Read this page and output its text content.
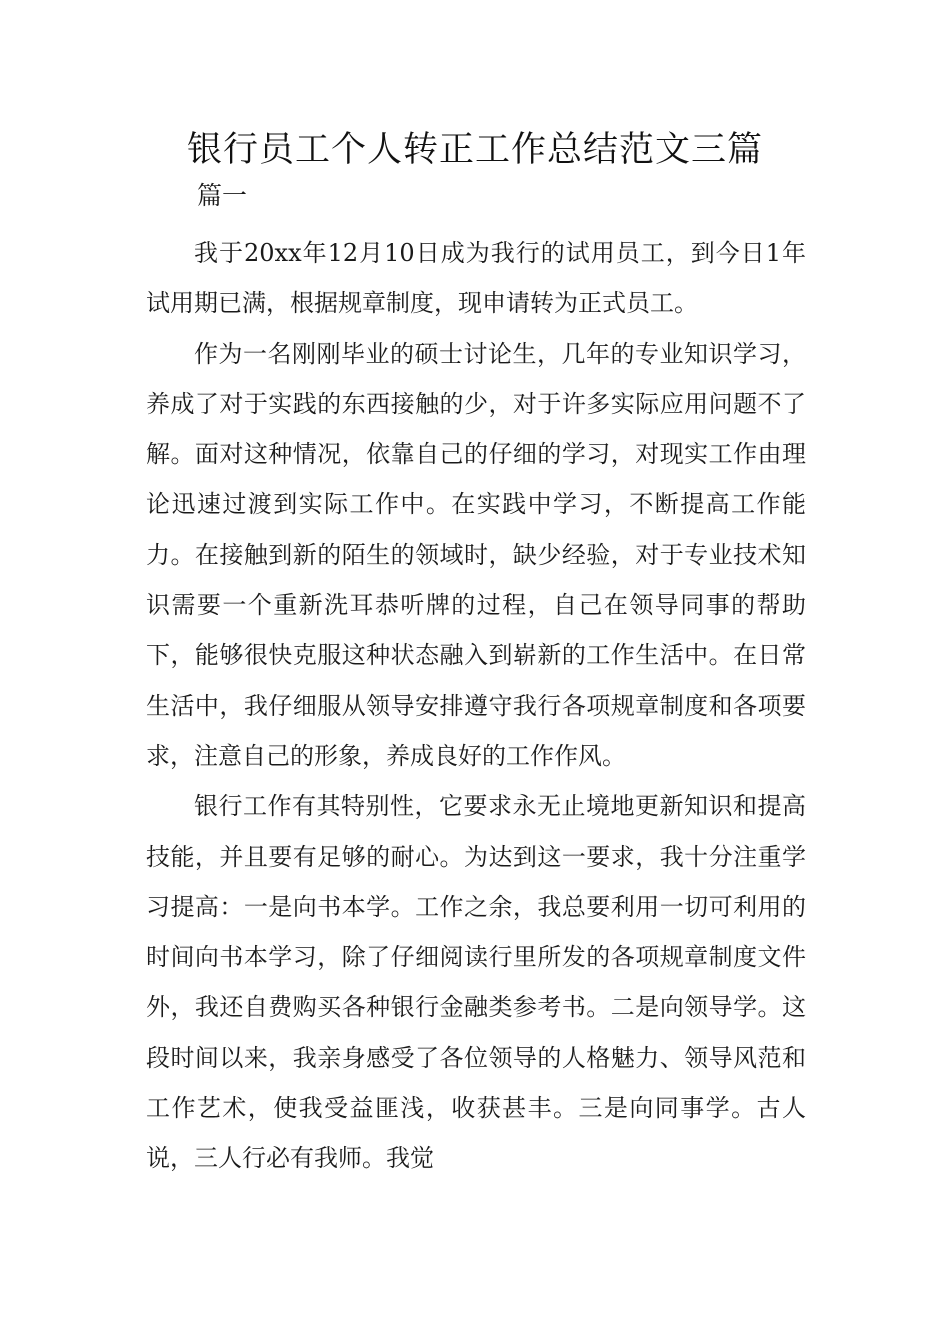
银行员工个人转正工作总结范文三篇
篇一

我于20xx年12月10日成为我行的试用员工，到今日1年试用期已满，根据规章制度，现申请转为正式员工。

作为一名刚刚毕业的硕士讨论生，几年的专业知识学习，养成了对于实践的东西接触的少，对于许多实际应用问题不了解。面对这种情况，依靠自己的仔细的学习，对现实工作由理论迅速过渡到实际工作中。在实践中学习，不断提高工作能力。在接触到新的陌生的领域时，缺少经验，对于专业技术知识需要一个重新洗耳恭听牌的过程，自己在领导同事的帮助下，能够很快克服这种状态融入到崭新的工作生活中。在日常生活中，我仔细服从领导安排遵守我行各项规章制度和各项要求，注意自己的形象，养成良好的工作作风。

银行工作有其特别性，它要求永无止境地更新知识和提高技能，并且要有足够的耐心。为达到这一要求，我十分注重学习提高：一是向书本学。工作之余，我总要利用一切可利用的时间向书本学习，除了仔细阅读行里所发的各项规章制度文件外，我还自费购买各种银行金融类参考书。二是向领导学。这段时间以来，我亲身感受了各位领导的人格魅力、领导风范和工作艺术，使我受益匪浅，收获甚丰。三是向同事学。古人说，三人行必有我师。我觉
